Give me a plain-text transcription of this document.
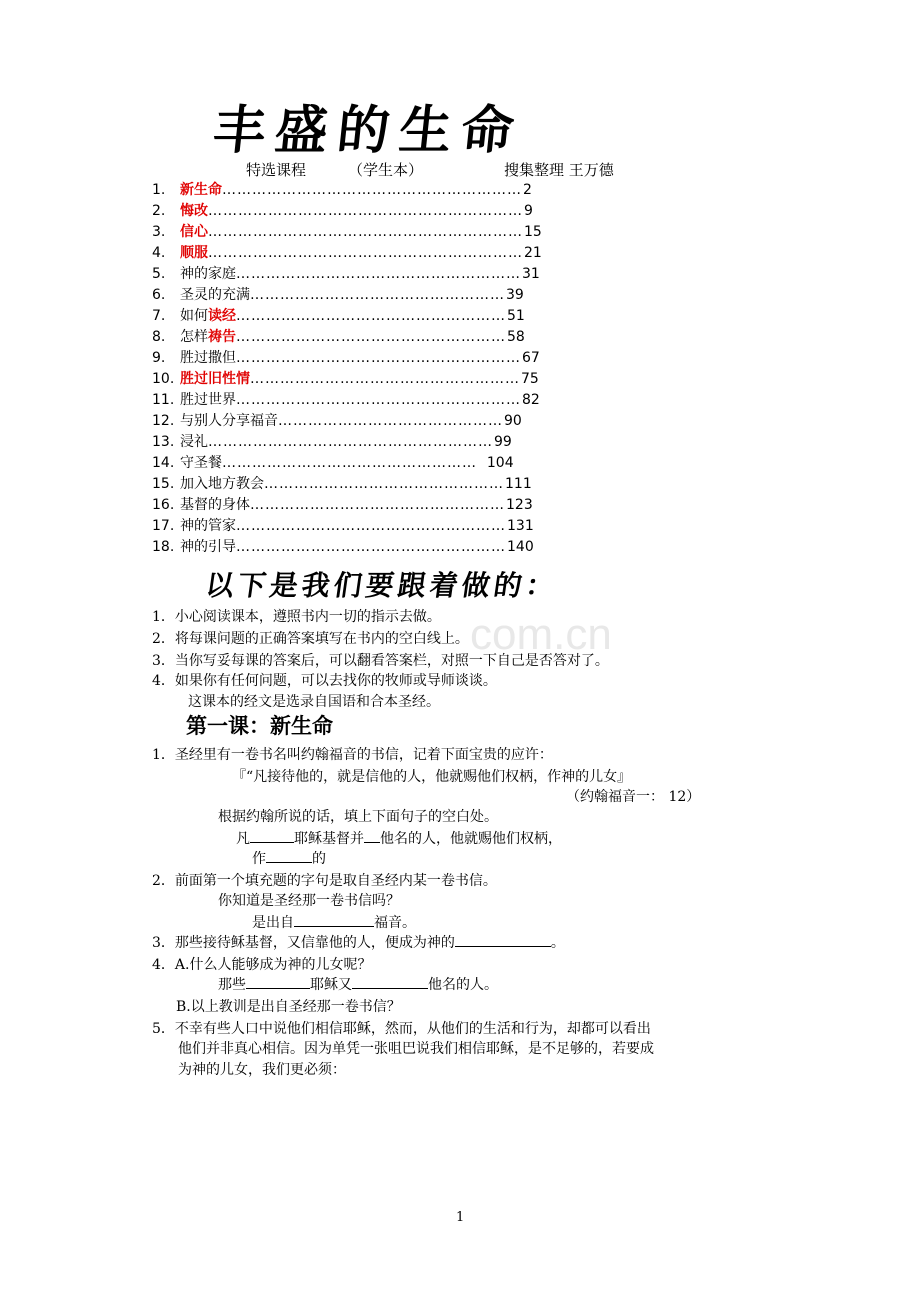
丰盛的生命
特选课程	（学生本）	搜集整理 王万德
1.	新生命 …………………………………………………… 2
2.	悔改 ……………………………………………………… 9
3.	信心 ……………………………………………………… 15
4.	顺服 ……………………………………………………… 21
5.	神的家庭 ………………………………………………… 31
6.	圣灵的充满 …………………………………………… 39
7.	如何 读经 ……………………………………………… 51
8.	怎样 祷告 ……………………………………………… 58
9.	胜过撒但 ………………………………………………… 67
10. 胜过旧性情 ……………………………………………… 75
11. 胜过世界 ………………………………………………… 82
12. 与别人分享福音 ……………………………………… 90
13. 浸礼 ………………………………………………… 99
14. 守圣餐 …………………………………………… 104
15. 加入地方教会 ………………………………………… 111
16. 基督的身体 …………………………………………… 123
17. 神的管家 ……………………………………………… 131
18. 神的引导 ……………………………………………… 140
com.cn
以下是我们要跟着做的：
1．小心阅读课本，遵照书内一切的指示去做。
2．将每课问题的正确答案填写在书内的空白线上。
3．当你写妥每课的答案后，可以翻看答案栏，对照一下自己是否答对了。
4．如果你有任何问题，可以去找你的牧师或导师谈谈。
这课本的经文是选录自国语和合本圣经。
第一课：新生命
1．圣经里有一卷书名叫约翰福音的书信，记着下面宝贵的应许：
『“凡接待他的，就是信他的人，他就赐他们权柄，作神的儿女』
（约翰福音一： 12）
根据约翰所说的话，填上下面句子的空白处。
凡	耶稣基督并 他名的人，他就赐他们权柄，
作	的
2．前面第一个填充题的字句是取自圣经内某一卷书信。
你知道是圣经那一卷书信吗？
是出自	福音。
3．那些接待稣基督，又信靠他的人，便成为神的	。
4．A.什么人能够成为神的儿女呢？
那些	耶稣又	他名的人。
B.以上教训是出自圣经那一卷书信？
5．不幸有些人口中说他们相信耶稣，然而，从他们的生活和行为，却都可以看出
他们并非真心相信。因为单凭一张咀巴说我们相信耶稣，是不足够的，若要成
为神的儿女，我们更必须：
1
